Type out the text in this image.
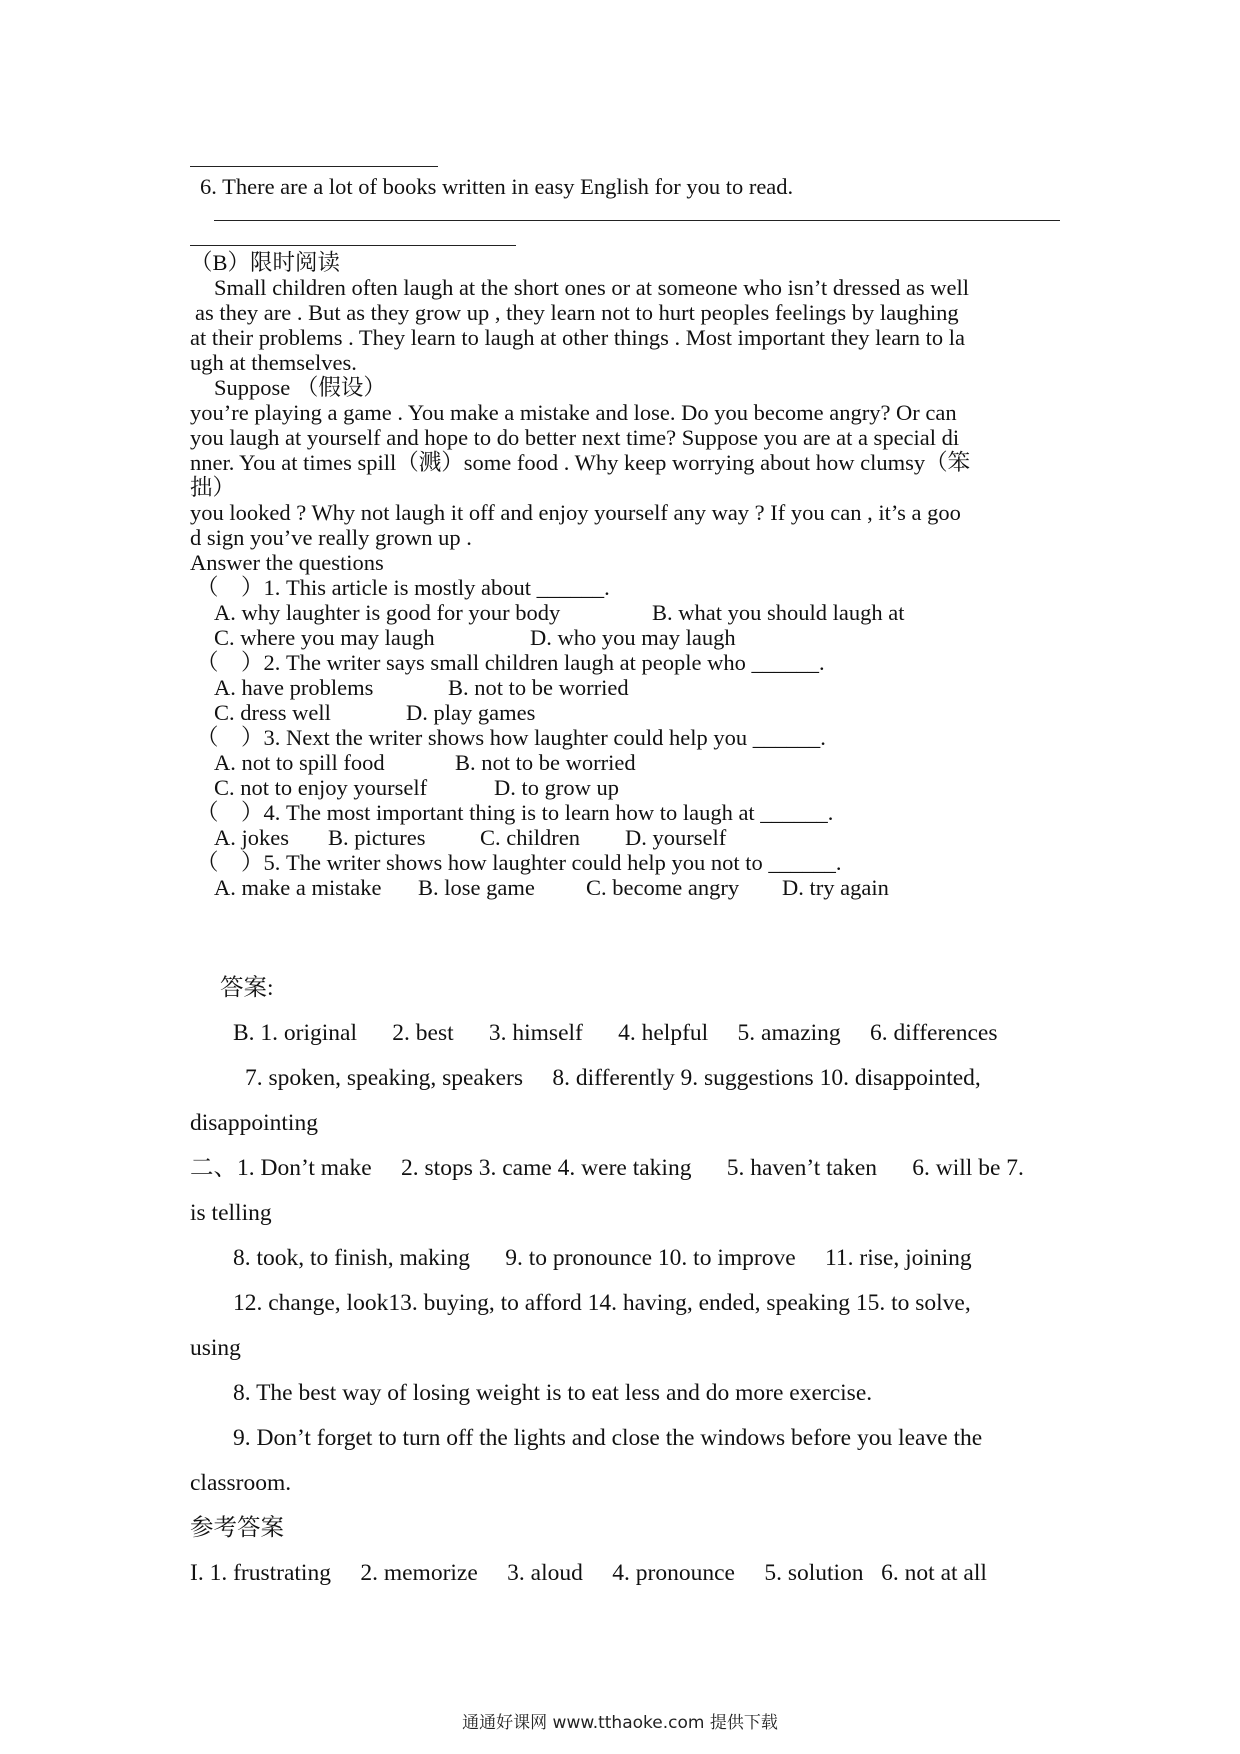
6. There are a lot of books written in easy English for you to read.
（B）限时阅读
Small children often laugh at the short ones or at someone who isn’t dressed as well
as they are . But as they grow up , they learn not to hurt peoples feelings by laughing
at their problems . They learn to laugh at other things . Most important they learn to la
ugh at themselves.
Suppose （假设）
you’re playing a game . You make a mistake and lose. Do you become angry? Or can
you laugh at yourself and hope to do better next time? Suppose you are at a special di
nner. You at times spill（溅）some food . Why keep worrying about how clumsy（笨
拙）
you looked ? Why not laugh it off and enjoy yourself any way ? If you can , it’s a goo
d sign you’ve really grown up .
Answer the questions
（    ）1. This article is mostly about ______.
A. why laughter is good for your body	B. what you should laugh at
C. where you may laugh	D. who you may laugh
（    ）2. The writer says small children laugh at people who ______.
A. have problems	B. not to be worried
C. dress well	D. play games
（    ）3. Next the writer shows how laughter could help you ______.
A. not to spill food	B. not to be worried
C. not to enjoy yourself	D. to grow up
（    ）4. The most important thing is to learn how to laugh at ______.
A. jokes B. pictures C. children D. yourself
（    ）5. The writer shows how laughter could help you not to ______.
A. make a mistake B. lose game C. become angry D. try again
答案:
B. 1. original      2. best      3. himself      4. helpful     5. amazing     6. differences
7. spoken, speaking, speakers     8. differently 9. suggestions 10. disappointed,
disappointing
二、1. Don’t make     2. stops 3. came 4. were taking      5. haven’t taken      6. will be 7.
is telling
8. took, to finish, making      9. to pronounce 10. to improve     11. rise, joining
12. change, look13. buying, to afford 14. having, ended, speaking 15. to solve,
using
8. The best way of losing weight is to eat less and do more exercise.
9. Don’t forget to turn off the lights and close the windows before you leave the
classroom.
参考答案
I. 1. frustrating     2. memorize     3. aloud     4. pronounce     5. solution   6. not at all
通通好课网 www.tthaoke.com 提供下载
